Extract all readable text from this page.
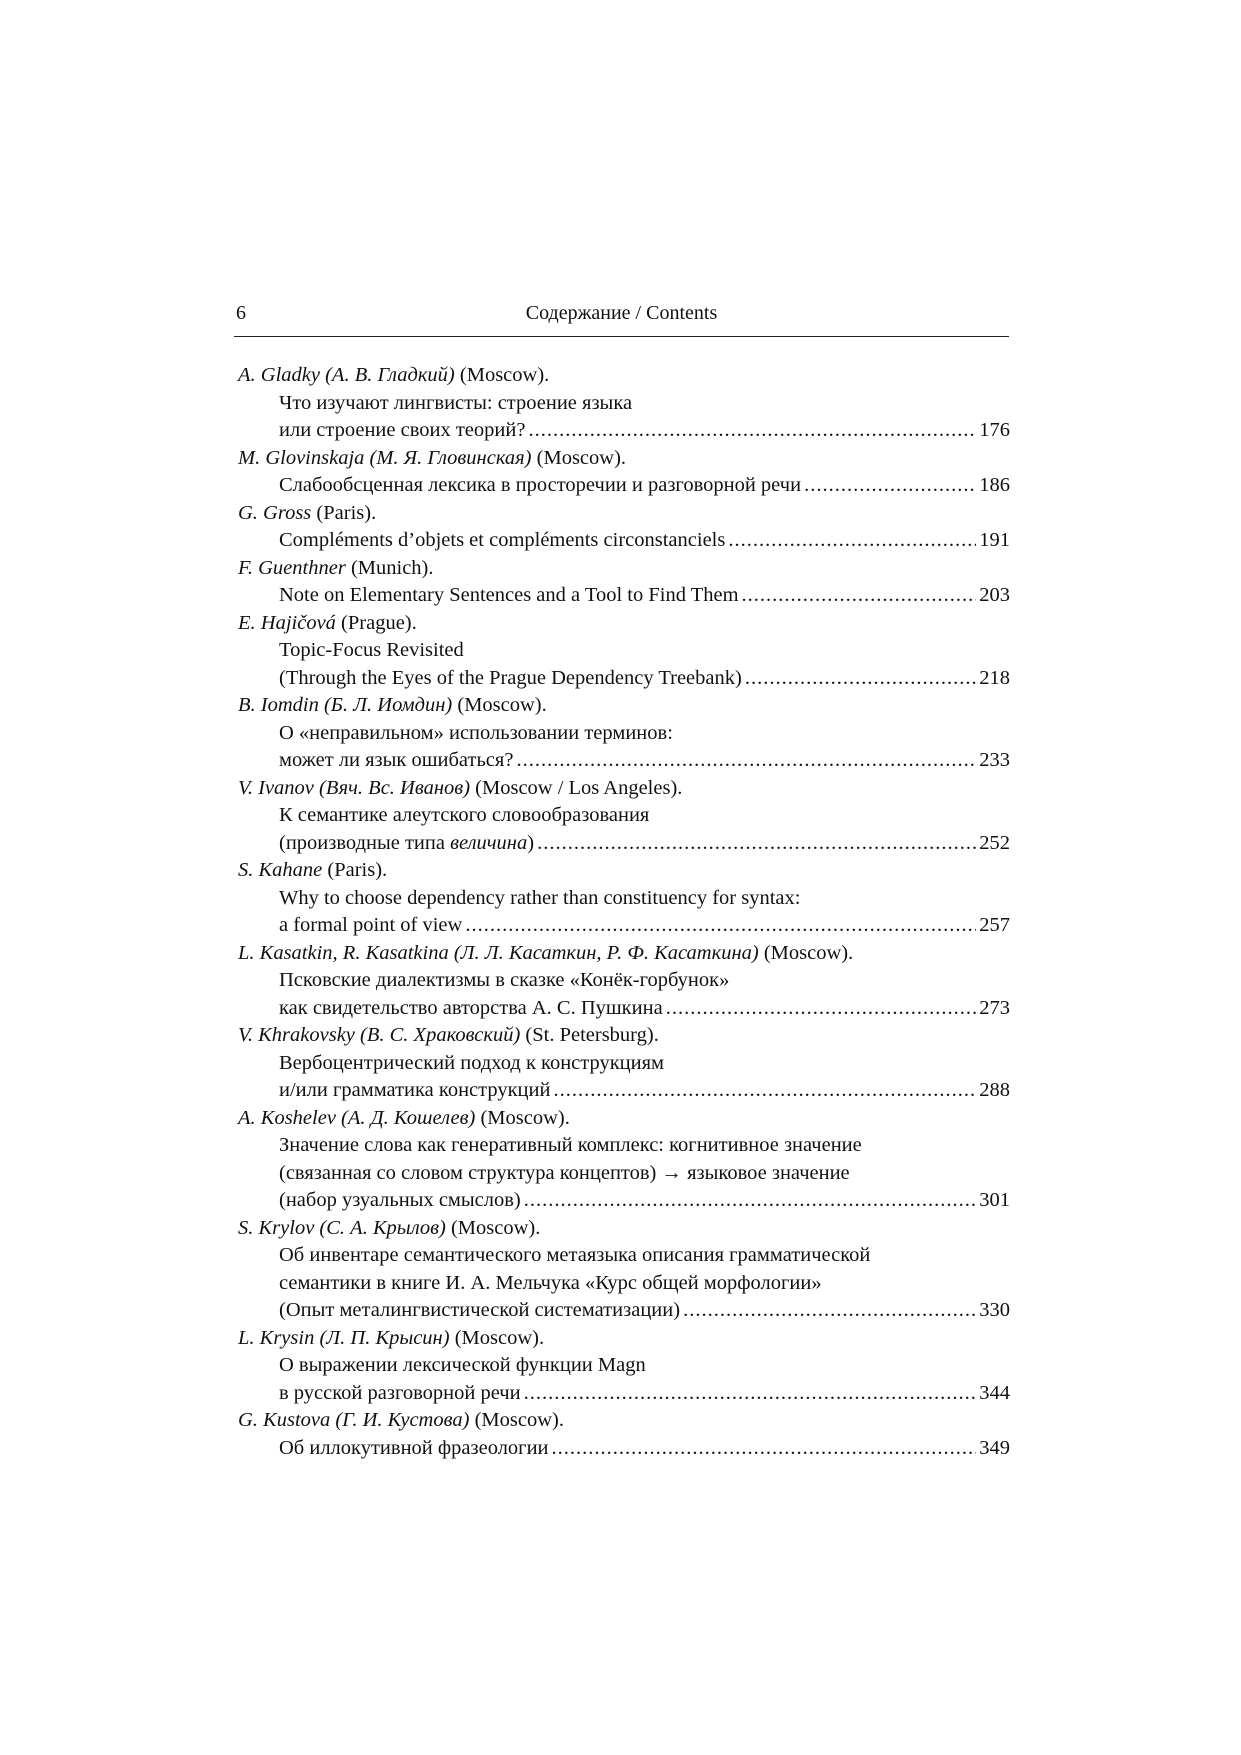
6	Содержание / Contents
A. Gladky (А. В. Гладкий) (Moscow).
Что изучают лингвисты: строение языка
или строение своих теорий? .....	176
M. Glovinskaja (М. Я. Гловинская) (Moscow).
Слабообсценная лексика в просторечии и разговорной речи .....	186
G. Gross (Paris).
Compléments d’objets et compléments circonstanciels .....	191
F. Guenthner (Munich).
Note on Elementary Sentences and a Tool to Find Them .....	203
E. Hajičová (Prague).
Topic-Focus Revisited
(Through the Eyes of the Prague Dependency Treebank) .....	218
B. Iomdin (Б. Л. Иомдин) (Moscow).
О «неправильном» использовании терминов:
может ли язык ошибаться? .....	233
V. Ivanov (Вяч. Вс. Иванов) (Moscow / Los Angeles).
К семантике алеутского словообразования
(производные типа величина) .....	252
S. Kahane (Paris).
Why to choose dependency rather than constituency for syntax:
a formal point of view .....	257
L. Kasatkin, R. Kasatkina (Л. Л. Касаткин, Р. Ф. Касаткина) (Moscow).
Псковские диалектизмы в сказке «Конёк-горбунок»
как свидетельство авторства А. С. Пушкина .....	273
V. Khrakovsky (В. С. Храковский) (St. Petersburg).
Вербоцентрический подход к конструкциям
и/или грамматика конструкций .....	288
A. Koshelev (А. Д. Кошелев) (Moscow).
Значение слова как генеративный комплекс: когнитивное значение
(связанная со словом структура концептов) → языковое значение
(набор узуальных смыслов) .....	301
S. Krylov (С. А. Крылов) (Moscow).
Об инвентаре семантического метаязыка описания грамматической
семантики в книге И. А. Мельчука «Курс общей морфологии»
(Опыт металингвистической систематизации) .....	330
L. Krysin (Л. П. Крысин) (Moscow).
О выражении лексической функции Magn
в русской разговорной речи .....	344
G. Kustova (Г. И. Кустова) (Moscow).
Об иллокутивной фразеологии .....	349
